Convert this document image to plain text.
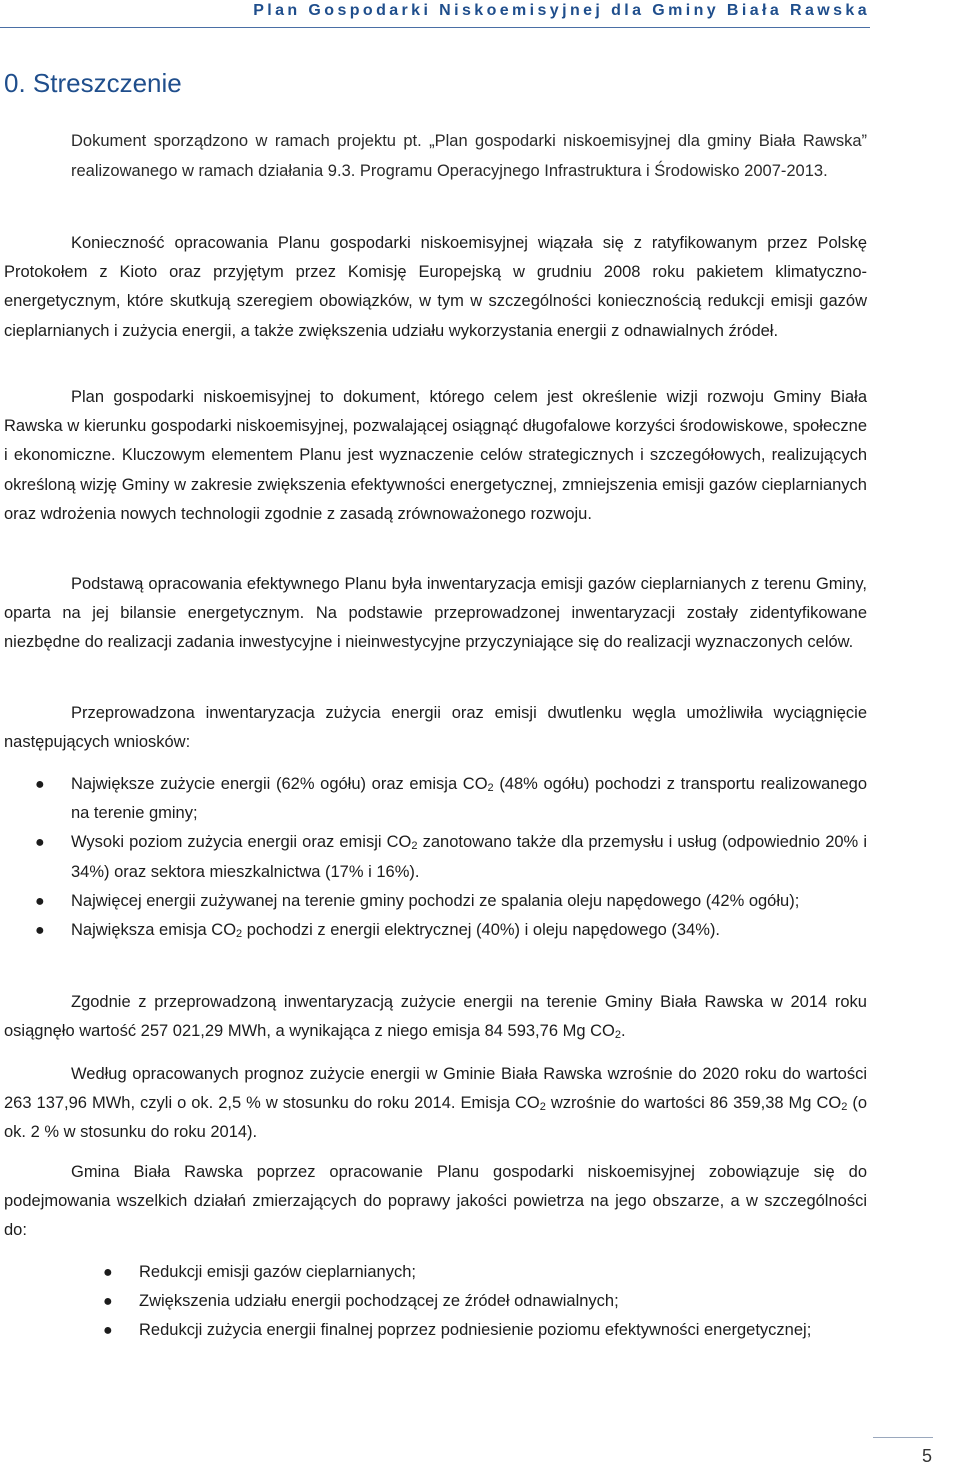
Plan Gospodarki Niskoemisyjnej dla Gminy Biała Rawska
0. Streszczenie

Dokument sporządzono w ramach projektu pt. „Plan gospodarki niskoemisyjnej dla gminy Biała Rawska” realizowanego w ramach działania 9.3. Programu Operacyjnego Infrastruktura i Środowisko 2007-2013.

Konieczność opracowania Planu gospodarki niskoemisyjnej wiązała się z ratyfikowanym przez Polskę Protokołem z Kioto oraz przyjętym przez Komisję Europejską w grudniu 2008 roku pakietem klimatyczno-energetycznym, które skutkują szeregiem obowiązków, w tym w szczególności koniecznością redukcji emisji gazów cieplarnianych i zużycia energii, a także zwiększenia udziału wykorzystania energii z odnawialnych źródeł.

Plan gospodarki niskoemisyjnej to dokument, którego celem jest określenie wizji rozwoju Gminy Biała Rawska w kierunku gospodarki niskoemisyjnej, pozwalającej osiągnąć długofalowe korzyści środowiskowe, społeczne i ekonomiczne. Kluczowym elementem Planu jest wyznaczenie celów strategicznych i szczegółowych, realizujących określoną wizję Gminy w zakresie zwiększenia efektywności energetycznej, zmniejszenia emisji gazów cieplarnianych oraz wdrożenia nowych technologii zgodnie z zasadą zrównoważonego rozwoju.

Podstawą opracowania efektywnego Planu była inwentaryzacja emisji gazów cieplarnianych z terenu Gminy, oparta na jej bilansie energetycznym. Na podstawie przeprowadzonej inwentaryzacji zostały zidentyfikowane niezbędne do realizacji zadania inwestycyjne i nieinwestycyjne przyczyniające się do realizacji wyznaczonych celów.

Przeprowadzona inwentaryzacja zużycia energii oraz emisji dwutlenku węgla umożliwiła wyciągnięcie następujących wniosków:

● Największe zużycie energii (62% ogółu) oraz emisja $CO_2$ (48% ogółu) pochodzi z transportu realizowanego na terenie gminy;
● Wysoki poziom zużycia energii oraz emisji $CO_2$ zanotowano także dla przemysłu i usług (odpowiednio 20% i 34%) oraz sektora mieszkalnictwa (17% i 16%).
● Najwięcej energii zużywanej na terenie gminy pochodzi ze spalania oleju napędowego (42% ogółu);
● Największa emisja $CO_2$ pochodzi z energii elektrycznej (40%) i oleju napędowego (34%).

Zgodnie z przeprowadzoną inwentaryzacją zużycie energii na terenie Gminy Biała Rawska w 2014 roku osiągnęło wartość 257 021,29 MWh, a wynikająca z niego emisja 84 593,76 Mg $CO_2$.

Według opracowanych prognoz zużycie energii w Gminie Biała Rawska wzrośnie do 2020 roku do wartości 263 137,96 MWh, czyli o ok. 2,5 % w stosunku do roku 2014. Emisja $CO_2$ wzrośnie do wartości 86 359,38 Mg $CO_2$ (o ok. 2 % w stosunku do roku 2014).

Gmina Biała Rawska poprzez opracowanie Planu gospodarki niskoemisyjnej zobowiązuje się do podejmowania wszelkich działań zmierzających do poprawy jakości powietrza na jego obszarze, a w szczególności do:

● Redukcji emisji gazów cieplarnianych;
● Zwiększenia udziału energii pochodzącej ze źródeł odnawialnych;
● Redukcji zużycia energii finalnej poprzez podniesienie poziomu efektywności energetycznej;
5
